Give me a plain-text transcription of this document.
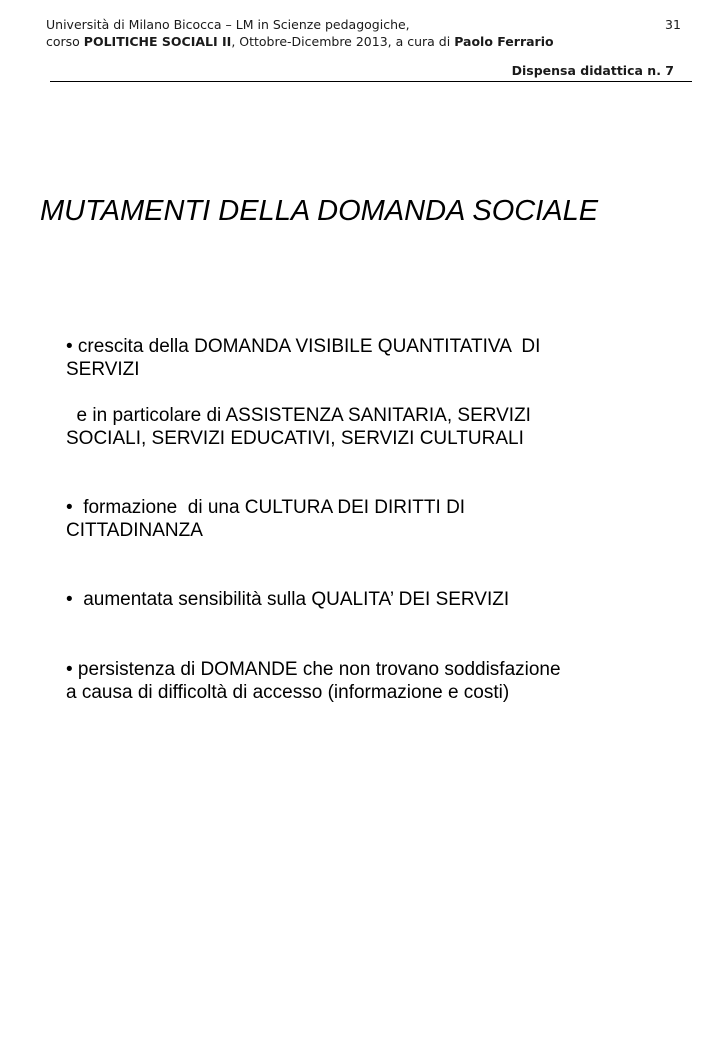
Università di Milano Bicocca – LM in Scienze pedagogiche,
corso POLITICHE SOCIALI II, Ottobre-Dicembre 2013, a cura di Paolo Ferrario
31
Dispensa didattica n. 7
MUTAMENTI DELLA DOMANDA SOCIALE
• crescita della DOMANDA VISIBILE QUANTITATIVA  DI
SERVIZI
e in particolare di ASSISTENZA SANITARIA, SERVIZI
SOCIALI, SERVIZI EDUCATIVI, SERVIZI CULTURALI
•  formazione  di una CULTURA DEI DIRITTI DI
CITTADINANZA
•  aumentata sensibilità sulla QUALITA’ DEI SERVIZI
• persistenza di DOMANDE che non trovano soddisfazione
a causa di difficoltà di accesso (informazione e costi)
